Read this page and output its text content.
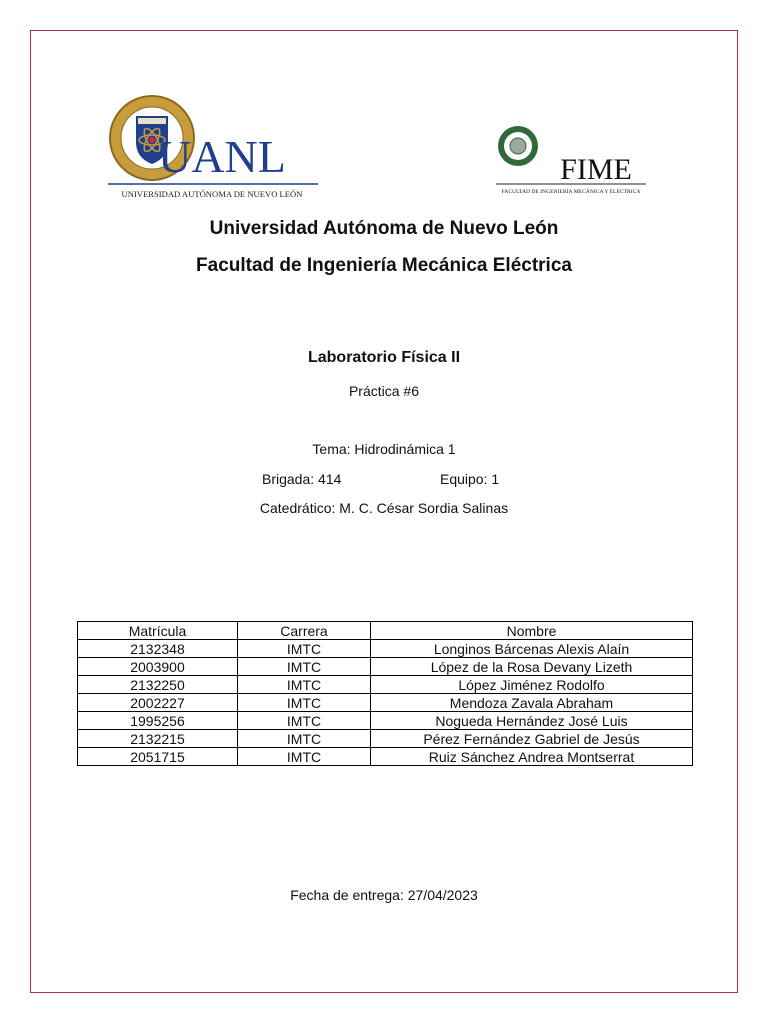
UANL
UNIVERSIDAD AUTÓNOMA DE NUEVO LEÓN
FIME
FACULTAD DE INGENIERÍA MECÁNICA Y ELÉCTRICA
Universidad Autónoma de Nuevo León
Facultad de Ingeniería Mecánica Eléctrica
Laboratorio Física II
Práctica #6
Tema: Hidrodinámica 1
Brigada: 414	Equipo: 1
Catedrático: M. C. César Sordia Salinas
Matrícula	Carrera	Nombre
2132348	IMTC	Longinos Bárcenas Alexis Alaín
2003900	IMTC	López de la Rosa Devany Lizeth
2132250	IMTC	López Jiménez Rodolfo
2002227	IMTC	Mendoza Zavala Abraham
1995256	IMTC	Nogueda Hernández José Luis
2132215	IMTC	Pérez Fernández Gabriel de Jesús
2051715	IMTC	Ruiz Sánchez Andrea Montserrat
Fecha de entrega: 27/04/2023
